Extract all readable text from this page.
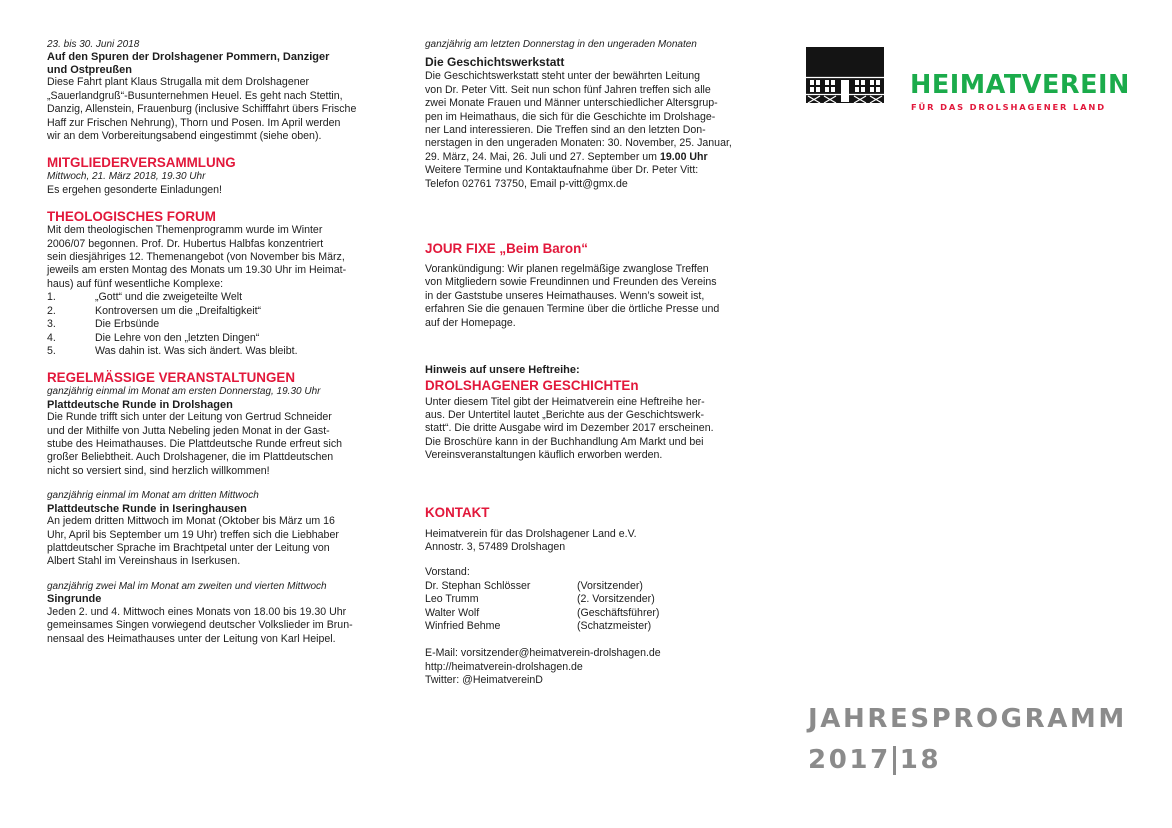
23. bis 30. Juni 2018
Auf den Spuren der Drolshagener Pommern, Danziger
und Ostpreußen

Diese Fahrt plant Klaus Strugalla mit dem Drolshagener

„Sauerlandgruß“-Busunternehmen Heuel. Es geht nach Stettin,

Danzig, Allenstein, Frauenburg (inclusive Schifffahrt übers Frische

Haff zur Frischen Nehrung), Thorn und Posen. Im April werden

wir an dem Vorbereitungsabend eingestimmt (siehe oben).

MITGLIEDERVERSAMMLUNG
Mittwoch, 21. März 2018, 19.30 Uhr

Es ergehen gesonderte Einladungen!

THEOLOGISCHES FORUM

Mit dem theologischen Themenprogramm wurde im Winter

2006/07 begonnen. Prof. Dr. Hubertus Halbfas konzentriert

sein diesjähriges 12. Themenangebot (von November bis März,

jeweils am ersten Montag des Monats um 19.30 Uhr im Heimat-

haus) auf fünf wesentliche Komplexe:

1.	„Gott“ und die zweigeteilte Welt
2.	Kontroversen um die „Dreifaltigkeit“
3.	Die Erbsünde
4.	Die Lehre von den „letzten Dingen“
5.	Was dahin ist. Was sich ändert. Was bleibt.
REGELMÄSSIGE VERANSTALTUNGEN
ganzjährig einmal im Monat am ersten Donnerstag, 19.30 Uhr
Plattdeutsche Runde in Drolshagen

Die Runde trifft sich unter der Leitung von Gertrud Schneider

und der Mithilfe von Jutta Nebeling jeden Monat in der Gast-

stube des Heimathauses. Die Plattdeutsche Runde erfreut sich

großer Beliebtheit. Auch Drolshagener, die im Plattdeutschen

nicht so versiert sind, sind herzlich willkommen!

ganzjährig einmal im Monat am dritten Mittwoch
Plattdeutsche Runde in Iseringhausen

An jedem dritten Mittwoch im Monat (Oktober bis März um 16

Uhr, April bis September um 19 Uhr) treffen sich die Liebhaber

plattdeutscher Sprache im Brachtpetal unter der Leitung von

Albert Stahl im Vereinshaus in Iserkusen.

ganzjährig zwei Mal im Monat am zweiten und vierten Mittwoch
Singrunde

Jeden 2. und 4. Mittwoch eines Monats von 18.00 bis 19.30 Uhr

gemeinsames Singen vorwiegend deutscher Volkslieder im Brun-

nensaal des Heimathauses unter der Leitung von Karl Heipel.

ganzjährig am letzten Donnerstag in den ungeraden Monaten
Die Geschichtswerkstatt

Die Geschichtswerkstatt steht unter der bewährten Leitung

von Dr. Peter Vitt. Seit nun schon fünf Jahren treffen sich alle

zwei Monate Frauen und Männer unterschiedlicher Altersgrup-

pen im Heimathaus, die sich für die Geschichte im Drolshage-

ner Land interessieren. Die Treffen sind an den letzten Don-

nerstagen in den ungeraden Monaten: 30. November, 25. Januar,

29. März, 24. Mai, 26. Juli und 27. September um 19.00 Uhr

Weitere Termine und Kontaktaufnahme über Dr. Peter Vitt:

Telefon 02761 73750, Email p-vitt@gmx.de

JOUR FIXE „Beim Baron“

Vorankündigung: Wir planen regelmäßige zwanglose Treffen

von Mitgliedern sowie Freundinnen und Freunden des Vereins

in der Gaststube unseres Heimathauses. Wenn’s soweit ist,

erfahren Sie die genauen Termine über die örtliche Presse und

auf der Homepage.

Hinweis auf unsere Heftreihe:
DROLSHAGENER GESCHICHTEn

Unter diesem Titel gibt der Heimatverein eine Heftreihe her-

aus. Der Untertitel lautet „Berichte aus der Geschichtswerk-

statt“. Die dritte Ausgabe wird im Dezember 2017 erscheinen.

Die Broschüre kann in der Buchhandlung Am Markt und bei

Vereinsveranstaltungen käuflich erworben werden.

KONTAKT

Heimatverein für das Drolshagener Land e.V.

Annostr. 3, 57489 Drolshagen

Vorstand:

Dr. Stephan Schlösser	(Vorsitzender)
Leo Trumm	(2. Vorsitzender)
Walter Wolf	(Geschäftsführer)
Winfried Behme	(Schatzmeister)

E-Mail: vorsitzender@heimatverein-drolshagen.de

http://heimatverein-drolshagen.de

Twitter: @HeimatvereinD

HEIMATVEREIN
FÜR DAS DROLSHAGENER LAND
JAHRESPROGRAMM
2017 18
